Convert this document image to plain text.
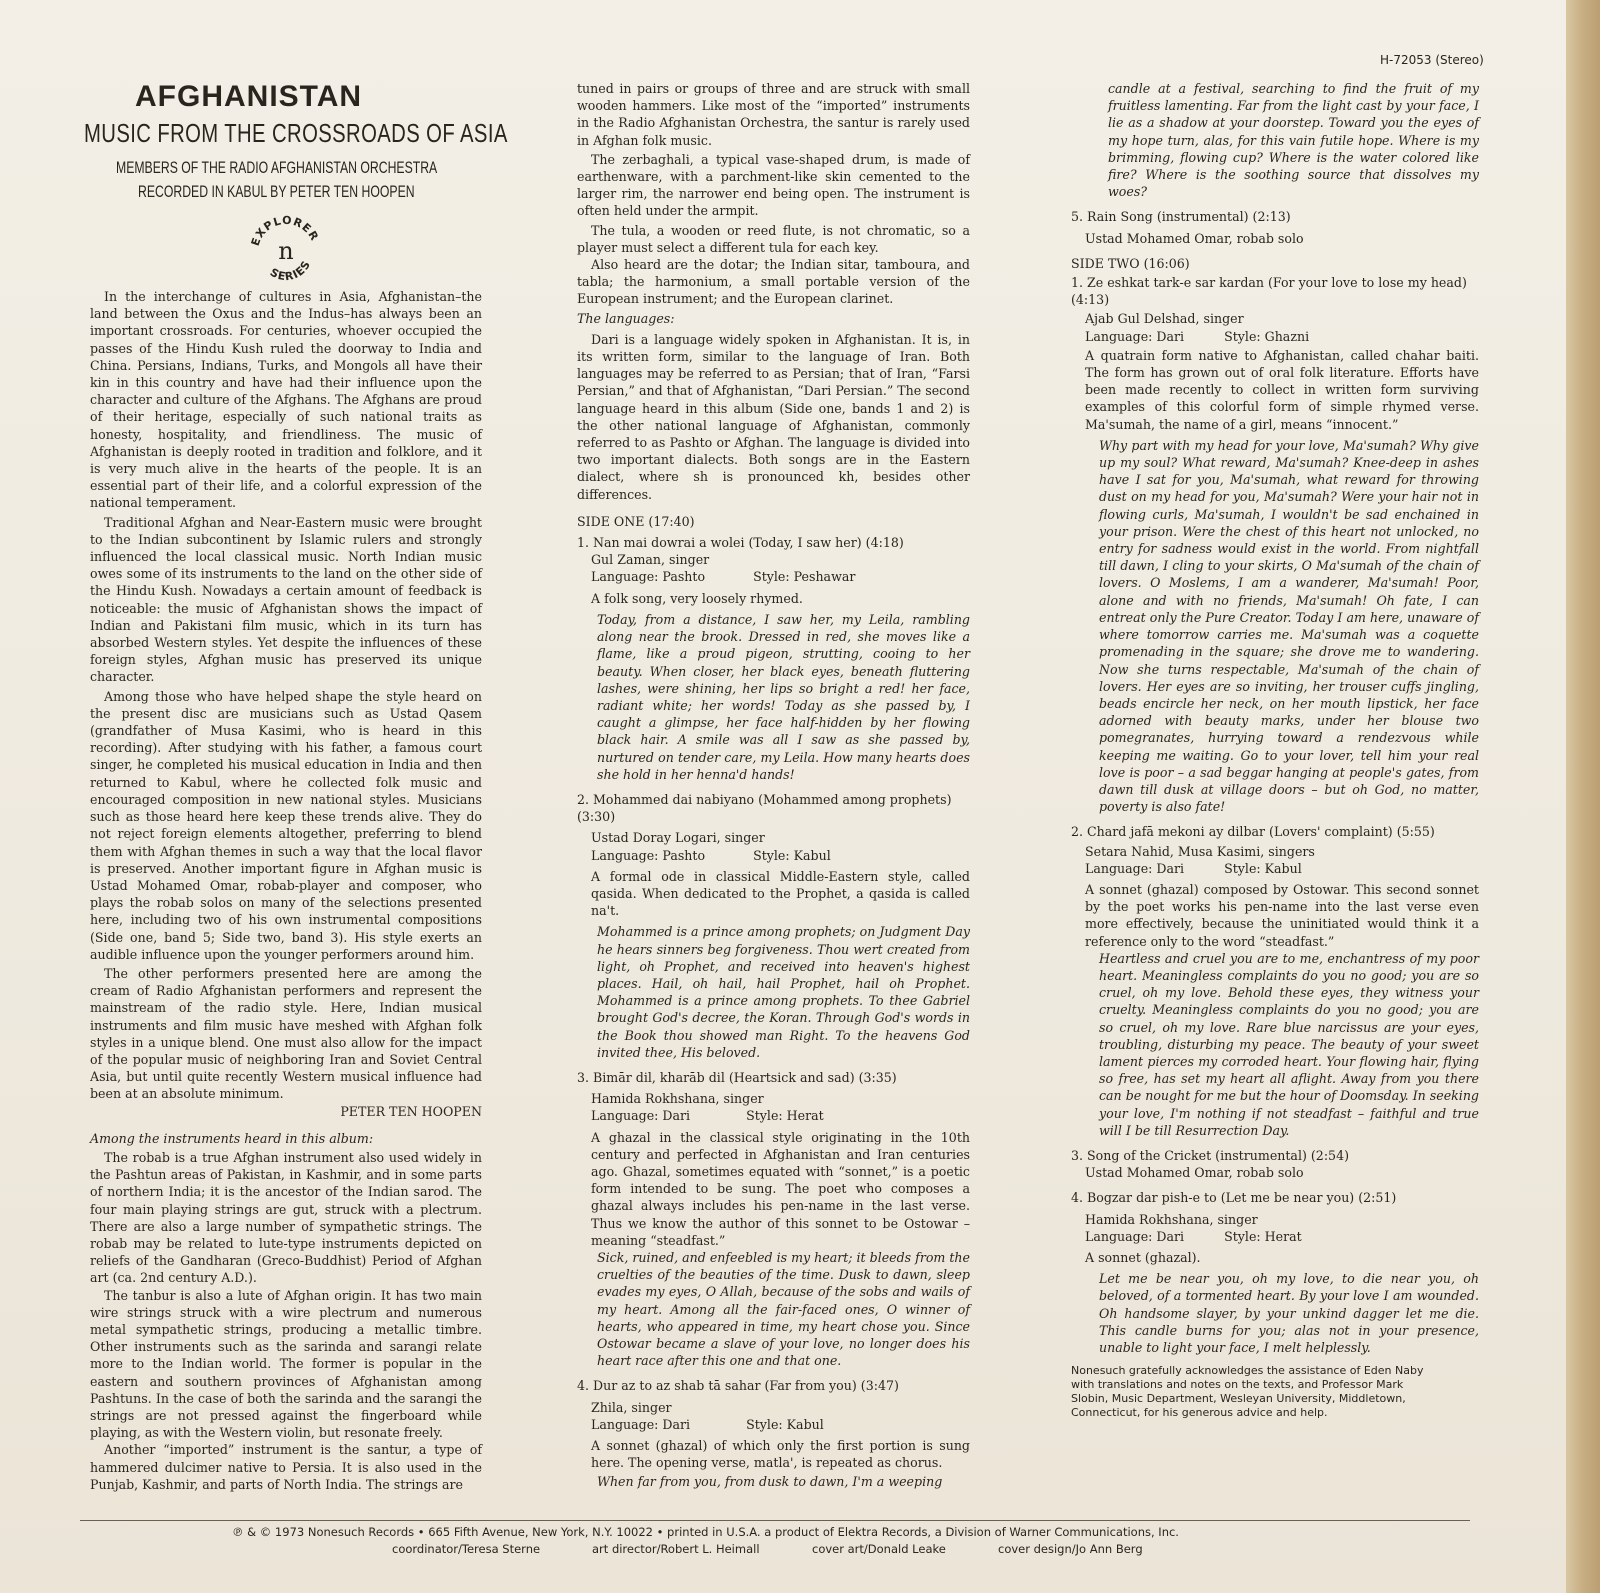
H-72053 (Stereo)
AFGHANISTAN
MUSIC FROM THE CROSSROADS OF ASIA
MEMBERS OF THE RADIO AFGHANISTAN ORCHESTRA
RECORDED IN KABUL BY PETER TEN HOOPEN
EXPLORER
SERIES
n

In the interchange of cultures in Asia, Afghanistan–the land between the Oxus and the Indus–has always been an important crossroads. For centuries, whoever occupied the passes of the Hindu Kush ruled the doorway to India and China. Persians, Indians, Turks, and Mongols all have their kin in this country and have had their influence upon the character and culture of the Afghans. The Afghans are proud of their heritage, especially of such national traits as honesty, hospitality, and friendliness. The music of Afghanistan is deeply rooted in tradition and folklore, and it is very much alive in the hearts of the people. It is an essential part of their life, and a colorful expression of the national temperament.

Traditional Afghan and Near-Eastern music were brought to the Indian subcontinent by Islamic rulers and strongly influenced the local classical music. North Indian music owes some of its instruments to the land on the other side of the Hindu Kush. Nowadays a certain amount of feedback is noticeable: the music of Afghanistan shows the impact of Indian and Pakistani film music, which in its turn has absorbed Western styles. Yet despite the influences of these foreign styles, Afghan music has preserved its unique character.

Among those who have helped shape the style heard on the present disc are musicians such as Ustad Qasem (grandfather of Musa Kasimi, who is heard in this recording). After studying with his father, a famous court singer, he completed his musical education in India and then returned to Kabul, where he collected folk music and encouraged composition in new national styles. Musicians such as those heard here keep these trends alive. They do not reject foreign elements altogether, preferring to blend them with Afghan themes in such a way that the local flavor is preserved. Another important figure in Afghan music is Ustad Mohamed Omar, robab-player and composer, who plays the robab solos on many of the selections presented here, including two of his own instrumental compositions (Side one, band 5; Side two, band 3). His style exerts an audible influence upon the younger performers around him.

The other performers presented here are among the cream of Radio Afghanistan performers and represent the mainstream of the radio style. Here, Indian musical instruments and film music have meshed with Afghan folk styles in a unique blend. One must also allow for the impact of the popular music of neighboring Iran and Soviet Central Asia, but until quite recently Western musical influence had been at an absolute minimum.

PETER TEN HOOPEN

Among the instruments heard in this album:

The robab is a true Afghan instrument also used widely in the Pashtun areas of Pakistan, in Kashmir, and in some parts of northern India; it is the ancestor of the Indian sarod. The four main playing strings are gut, struck with a plectrum. There are also a large number of sympathetic strings. The robab may be related to lute-type instruments depicted on reliefs of the Gandharan (Greco-Buddhist) Period of Afghan art (ca. 2nd century A.D.).

The tanbur is also a lute of Afghan origin. It has two main wire strings struck with a wire plectrum and numerous metal sympathetic strings, producing a metallic timbre. Other instruments such as the sarinda and sarangi relate more to the Indian world. The former is popular in the eastern and southern provinces of Afghanistan among Pashtuns. In the case of both the sarinda and the sarangi the strings are not pressed against the fingerboard while playing, as with the Western violin, but resonate freely.

Another “imported” instrument is the santur, a type of hammered dulcimer native to Persia. It is also used in the Punjab, Kashmir, and parts of North India. The strings are

tuned in pairs or groups of three and are struck with small wooden hammers. Like most of the “imported” instruments in the Radio Afghanistan Orchestra, the santur is rarely used in Afghan folk music.

The zerbaghali, a typical vase-shaped drum, is made of earthenware, with a parchment-like skin cemented to the larger rim, the narrower end being open. The instrument is often held under the armpit.

The tula, a wooden or reed flute, is not chromatic, so a player must select a different tula for each key.

Also heard are the dotar; the Indian sitar, tamboura, and tabla; the harmonium, a small portable version of the European instrument; and the European clarinet.

The languages:

Dari is a language widely spoken in Afghanistan. It is, in its written form, similar to the language of Iran. Both languages may be referred to as Persian; that of Iran, “Farsi Persian,” and that of Afghanistan, “Dari Persian.” The second language heard in this album (Side one, bands 1 and 2) is the other national language of Afghanistan, commonly referred to as Pashto or Afghan. The language is divided into two important dialects. Both songs are in the Eastern dialect, where sh is pronounced kh, besides other differences.

SIDE ONE (17:40)

1. Nan mai dowrai a wolei (Today, I saw her) (4:18)

Gul Zaman, singer

Language: Pashto            Style: Peshawar

A folk song, very loosely rhymed.

Today, from a distance, I saw her, my Leila, rambling along near the brook. Dressed in red, she moves like a flame, like a proud pigeon, strutting, cooing to her beauty. When closer, her black eyes, beneath fluttering lashes, were shining, her lips so bright a red! her face, radiant white; her words! Today as she passed by, I caught a glimpse, her face half-hidden by her flowing black hair. A smile was all I saw as she passed by, nurtured on tender care, my Leila. How many hearts does she hold in her henna'd hands!

2. Mohammed dai nabiyano (Mohammed among prophets) (3:30)

Ustad Doray Logari, singer

Language: Pashto            Style: Kabul

A formal ode in classical Middle-Eastern style, called qasida. When dedicated to the Prophet, a qasida is called na't.

Mohammed is a prince among prophets; on Judgment Day he hears sinners beg forgiveness. Thou wert created from light, oh Prophet, and received into heaven's highest places. Hail, oh hail, hail Prophet, hail oh Prophet. Mohammed is a prince among prophets. To thee Gabriel brought God's decree, the Koran. Through God's words in the Book thou showed man Right. To the heavens God invited thee, His beloved.

3. Bimār dil, kharāb dil (Heartsick and sad) (3:35)

Hamida Rokhshana, singer

Language: Dari              Style: Herat

A ghazal in the classical style originating in the 10th century and perfected in Afghanistan and Iran centuries ago. Ghazal, sometimes equated with “sonnet,” is a poetic form intended to be sung. The poet who composes a ghazal always includes his pen-name in the last verse. Thus we know the author of this sonnet to be Ostowar – meaning “steadfast.”

Sick, ruined, and enfeebled is my heart; it bleeds from the cruelties of the beauties of the time. Dusk to dawn, sleep evades my eyes, O Allah, because of the sobs and wails of my heart. Among all the fair-faced ones, O winner of hearts, who appeared in time, my heart chose you. Since Ostowar became a slave of your love, no longer does his heart race after this one and that one.

4. Dur az to az shab tā sahar (Far from you) (3:47)

Zhila, singer

Language: Dari              Style: Kabul

A sonnet (ghazal) of which only the first portion is sung here. The opening verse, matla', is repeated as chorus.

When far from you, from dusk to dawn, I'm a weeping

candle at a festival, searching to find the fruit of my fruitless lamenting. Far from the light cast by your face, I lie as a shadow at your doorstep. Toward you the eyes of my hope turn, alas, for this vain futile hope. Where is my brimming, flowing cup? Where is the water colored like fire? Where is the soothing source that dissolves my woes?

5. Rain Song (instrumental) (2:13)

Ustad Mohamed Omar, robab solo

SIDE TWO (16:06)

1. Ze eshkat tark-e sar kardan (For your love to lose my head) (4:13)

Ajab Gul Delshad, singer

Language: Dari          Style: Ghazni

A quatrain form native to Afghanistan, called chahar baiti. The form has grown out of oral folk literature. Efforts have been made recently to collect in written form surviving examples of this colorful form of simple rhymed verse. Ma'sumah, the name of a girl, means “innocent.”

Why part with my head for your love, Ma'sumah? Why give up my soul? What reward, Ma'sumah? Knee-deep in ashes have I sat for you, Ma'sumah, what reward for throwing dust on my head for you, Ma'sumah? Were your hair not in flowing curls, Ma'sumah, I wouldn't be sad enchained in your prison. Were the chest of this heart not unlocked, no entry for sadness would exist in the world. From nightfall till dawn, I cling to your skirts, O Ma'sumah of the chain of lovers. O Moslems, I am a wanderer, Ma'sumah! Poor, alone and with no friends, Ma'sumah! Oh fate, I can entreat only the Pure Creator. Today I am here, unaware of where tomorrow carries me. Ma'sumah was a coquette promenading in the square; she drove me to wandering. Now she turns respectable, Ma'sumah of the chain of lovers. Her eyes are so inviting, her trouser cuffs jingling, beads encircle her neck, on her mouth lipstick, her face adorned with beauty marks, under her blouse two pomegranates, hurrying toward a rendezvous while keeping me waiting. Go to your lover, tell him your real love is poor – a sad beggar hanging at people's gates, from dawn till dusk at village doors – but oh God, no matter, poverty is also fate!

2. Chard jafā mekoni ay dilbar (Lovers' complaint) (5:55)

Setara Nahid, Musa Kasimi, singers

Language: Dari          Style: Kabul

A sonnet (ghazal) composed by Ostowar. This second sonnet by the poet works his pen-name into the last verse even more effectively, because the uninitiated would think it a reference only to the word “steadfast.”

Heartless and cruel you are to me, enchantress of my poor heart. Meaningless complaints do you no good; you are so cruel, oh my love. Behold these eyes, they witness your cruelty. Meaningless complaints do you no good; you are so cruel, oh my love. Rare blue narcissus are your eyes, troubling, disturbing my peace. The beauty of your sweet lament pierces my corroded heart. Your flowing hair, flying so free, has set my heart all aflight. Away from you there can be nought for me but the hour of Doomsday. In seeking your love, I'm nothing if not steadfast – faithful and true will I be till Resurrection Day.

3. Song of the Cricket (instrumental) (2:54)

Ustad Mohamed Omar, robab solo

4. Bogzar dar pish-e to (Let me be near you) (2:51)

Hamida Rokhshana, singer

Language: Dari          Style: Herat

A sonnet (ghazal).

Let me be near you, oh my love, to die near you, oh beloved, of a tormented heart. By your love I am wounded. Oh handsome slayer, by your unkind dagger let me die. This candle burns for you; alas not in your presence, unable to light your face, I melt helplessly.

Nonesuch gratefully acknowledges the assistance of Eden Naby with translations and notes on the texts, and Professor Mark Slobin, Music Department, Wesleyan University, Middletown, Connecticut, for his generous advice and help.

℗ & © 1973 Nonesuch Records • 665 Fifth Avenue, New York, N.Y. 10022 • printed in U.S.A. a product of Elektra Records, a Division of Warner Communications, Inc.
coordinator/Teresa Sterne	art director/Robert L. Heimall	cover art/Donald Leake	cover design/Jo Ann Berg
